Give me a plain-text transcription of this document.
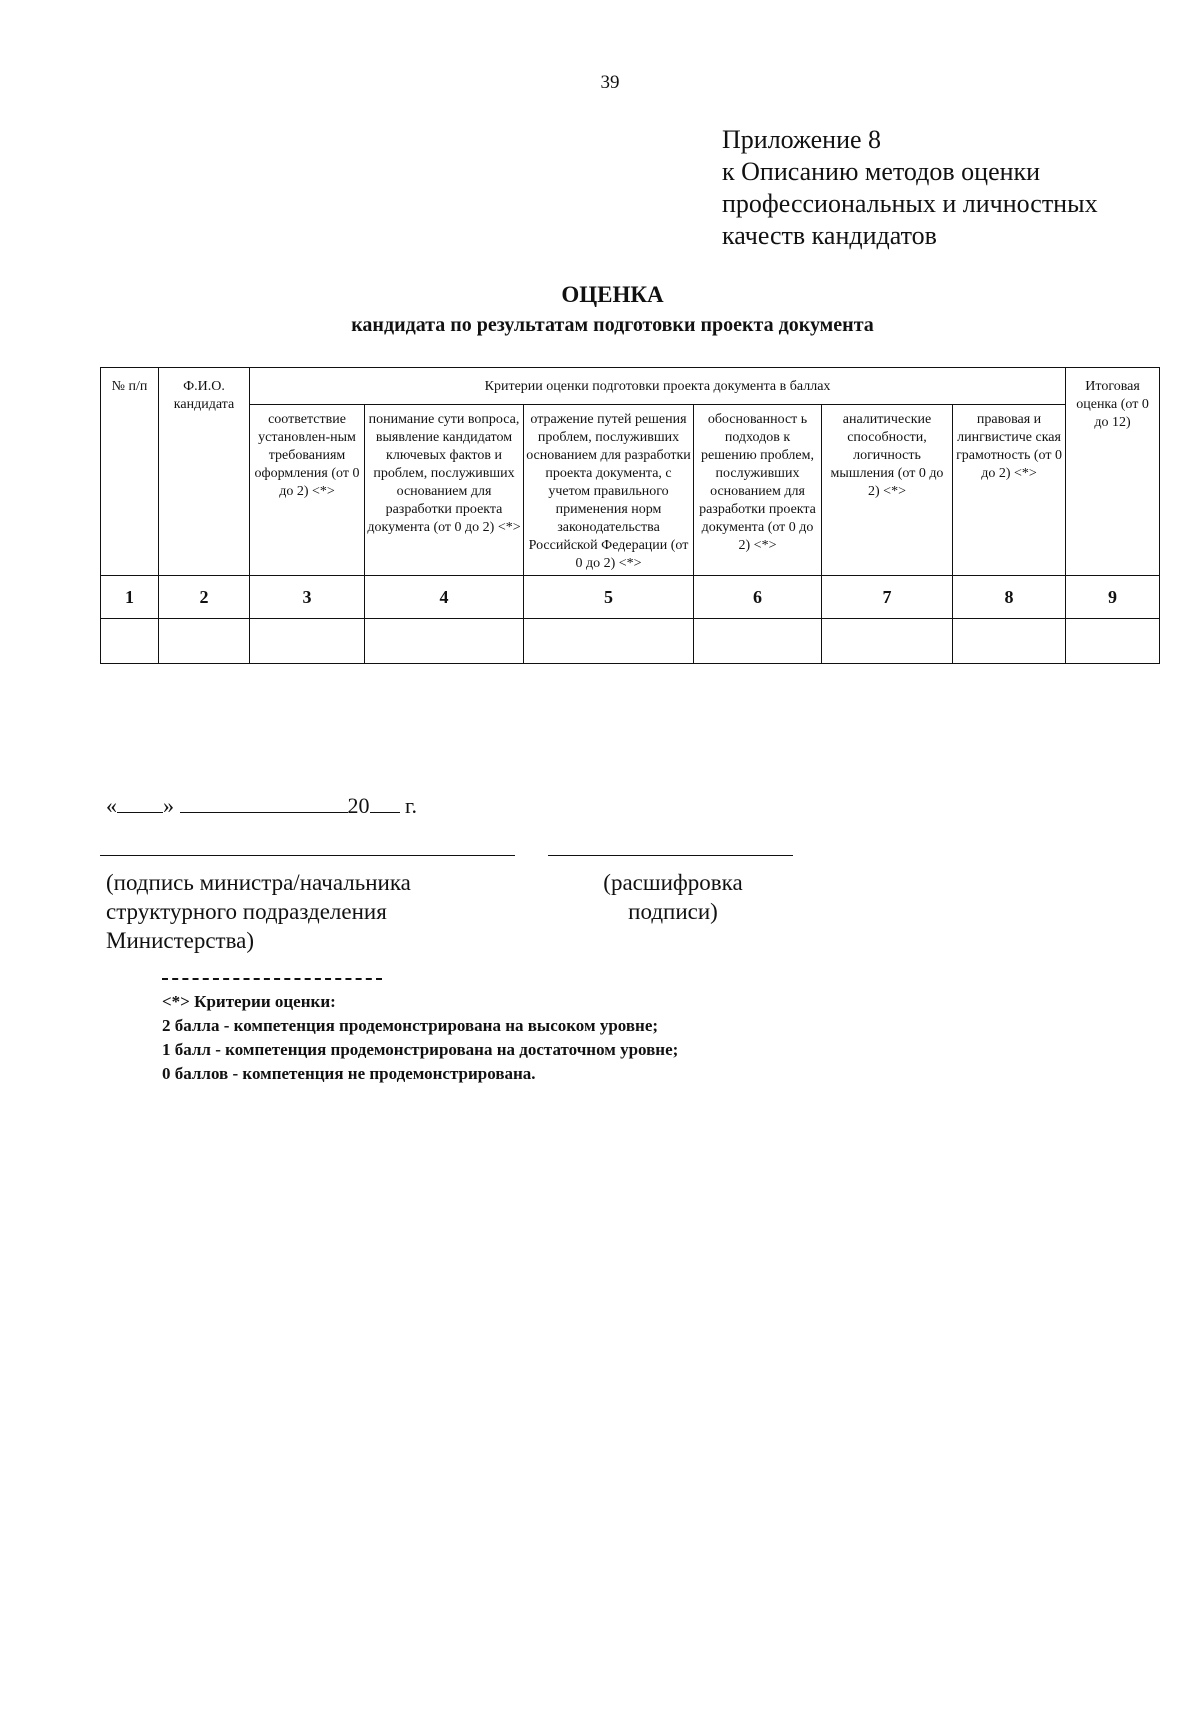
39
Приложение 8
к Описанию методов оценки
профессиональных и личностных
качеств кандидатов
ОЦЕНКА
кандидата по результатам подготовки проекта документа
№ п/п	Ф.И.О. кандидата	Критерии оценки подготовки проекта документа в баллах						Итоговая оценка (от 0 до 12)
		соответствие установлен-ным требованиям оформления (от 0 до 2) <*>	понимание сути вопроса, выявление кандидатом ключевых фактов и проблем, послуживших основанием для разработки проекта документа (от 0 до 2) <*>	отражение путей решения проблем, послуживших основанием для разработки проекта документа, с учетом правильного применения норм законодательства Российской Федерации (от 0 до 2) <*>	обоснованност ь подходов к решению проблем, послуживших основанием для разработки проекта документа (от 0 до 2) <*>	аналитические способности, логичность мышления (от 0 до 2) <*>	правовая и лингвистиче ская грамотность (от 0 до 2) <*>	
1	2	3	4	5	6	7	8	9

« »	20 г.
(подпись министра/начальника
структурного подразделения
Министерства)
(расшифровка
подписи)
<*> Критерии оценки:
2 балла - компетенция продемонстрирована на высоком уровне;
1 балл - компетенция продемонстрирована на достаточном уровне;
0 баллов - компетенция не продемонстрирована.
